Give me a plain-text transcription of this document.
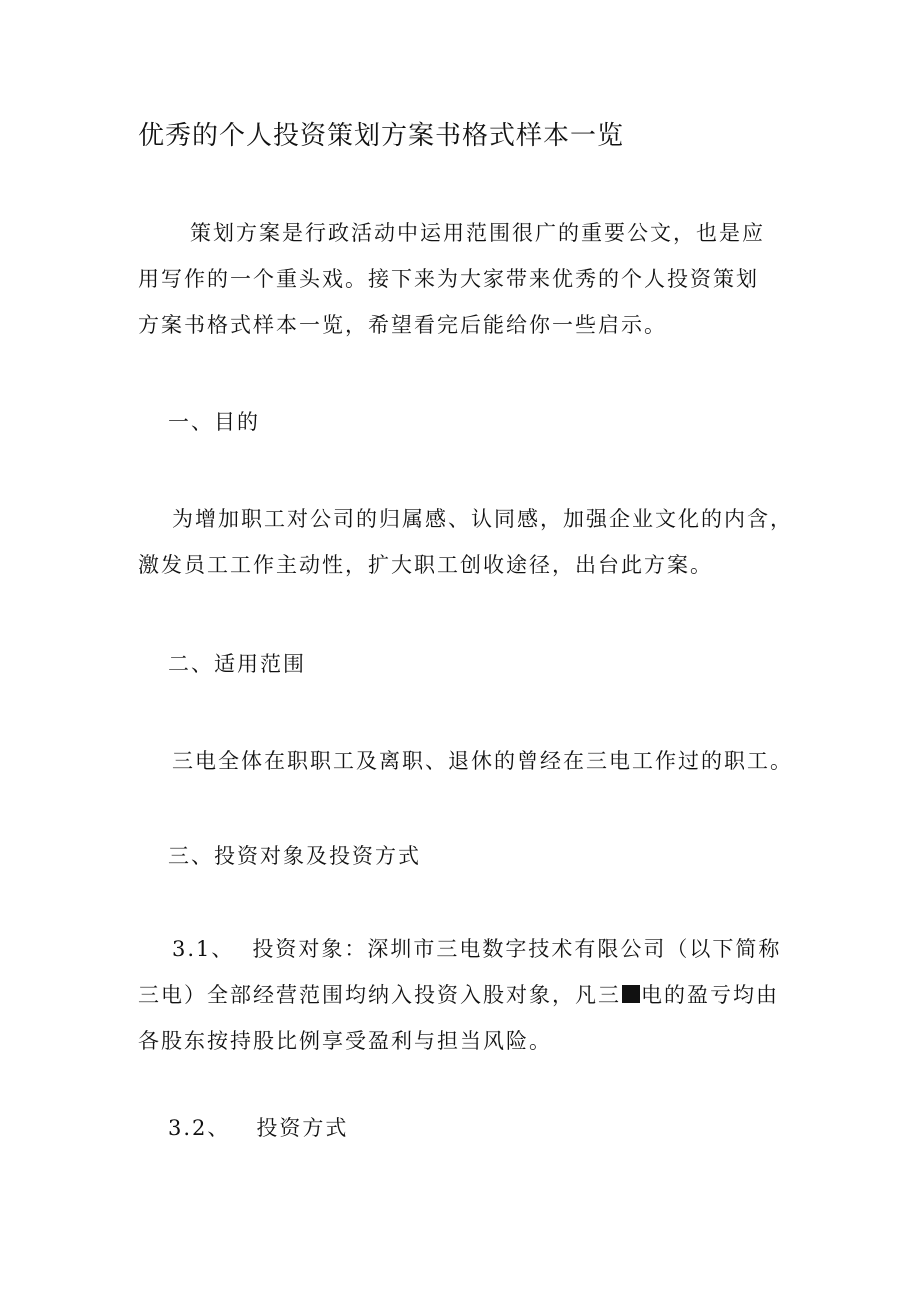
优秀的个人投资策划方案书格式样本一览
策划方案是行政活动中运用范围很广的重要公文，也是应
用写作的一个重头戏。接下来为大家带来优秀的个人投资策划
方案书格式样本一览，希望看完后能给你一些启示。
一、目的
为增加职工对公司的归属感、认同感，加强企业文化的内含，
激发员工工作主动性，扩大职工创收途径，出台此方案。
二、适用范围
三电全体在职职工及离职、退休的曾经在三电工作过的职工。
三、投资对象及投资方式
3.1、 投资对象：深圳市三电数字技术有限公司（以下简称
三电）全部经营范围均纳入投资入股对象，凡三 电的盈亏均由
各股东按持股比例享受盈利与担当风险。
3.2、 投资方式
